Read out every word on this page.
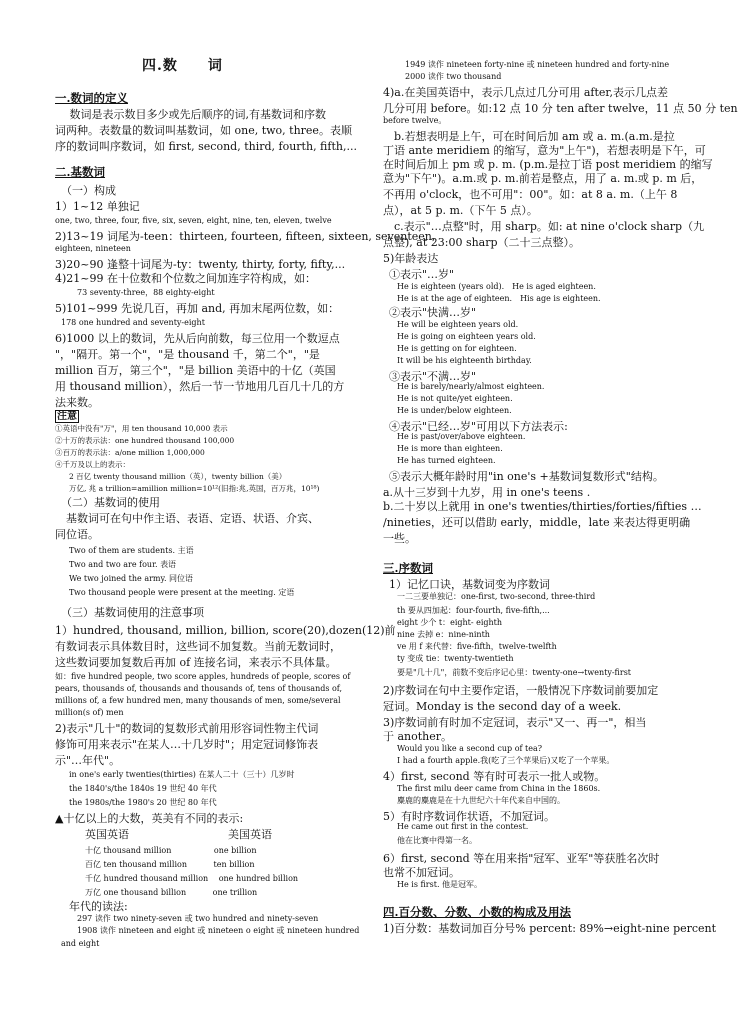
四.数　　词
一.数词的定义
　 数词是表示数目多少或先后顺序的词,有基数词和序数
词两种。表数量的数词叫基数词，如 one, two, three。表顺
序的数词叫序数词，如 first, second, third, fourth, fifth,...
二.基数词
（一）构成
1）1~12 单独记
one, two, three, four, five, six, seven, eight, nine, ten, eleven, twelve
2)13~19 词尾为-teen：thirteen, fourteen, fifteen, sixteen, seventeen,
eighteen, nineteen
3)20~90 逢整十词尾为-ty：twenty, thirty, forty, fifty,...
4)21~99 在十位数和个位数之间加连字符构成，如：
73 seventy-three，88 eighty-eight
5)101~999 先说几百，再加 and, 再加末尾两位数，如：
178 one hundred and seventy-eight
6)1000 以上的数词，先从后向前数，每三位用一个数逗点
"，"隔开。第一个"，"是 thousand 千，第二个"，"是
million 百万，第三个"，"是 billion 美语中的十亿（英国
用 thousand million），然后一节一节地用几百几十几的方
法来数。
注意
①英语中没有"万"，用 ten thousand 10,000 表示
②十万的表示法：one hundred thousand 100,000
③百万的表示法：a/one million 1,000,000
④千万及以上的表示：
2 百亿 twenty thousand million（英），twenty billion（美）
万亿, 兆 a trillion=amillion million=10¹²(旧指:兆,英国，百万兆，10¹⁸)
（二）基数词的使用
　基数词可在句中作主语、表语、定语、状语、介宾、
同位语。
Two of them are students. 主语
Two and two are four. 表语
We two joined the army. 同位语
Two thousand people were present at the meeting. 定语
（三）基数词使用的注意事项
1）hundred, thousand, million, billion, score(20),dozen(12)前
有数词表示具体数目时，这些词不加复数。当前无数词时，
这些数词要加复数后再加 of 连接名词，来表示不具体量。
如：five hundred people, two score apples, hundreds of people, scores of
pears, thousands of, thousands and thousands of, tens of thousands of,
millions of, a few hundred men, many thousands of men, some/several
million(s of) men
2)表示"几十"的数词的复数形式前用形容词性物主代词
修饰可用来表示"在某人…十几岁时"；用定冠词修饰表
示"…年代"。
in one's early twenties(thirties) 在某人二十（三十）几岁时
the 1840's/the 1840s 19 世纪 40 年代
the 1980s/the 1980's 20 世纪 80 年代
▲十亿以上的大数，英美有不同的表示:
英国英语　　　　　　　　　美国英语
十亿 thousand million　　　　　 one billion
百亿 ten thousand million　　　 ten billion
千亿 hundred thousand million　 one hundred billion
万亿 one thousand billion　　　 one trillion
年代的读法:
297 读作 two ninety-seven 或 two hundred and ninety-seven
1908 读作 nineteen and eight 或 nineteen o eight 或 nineteen hundred
and eight
1949 读作 nineteen forty-nine 或 nineteen hundred and forty-nine
2000 读作 two thousand
4)a.在美国英语中，表示几点过几分可用 after,表示几点差
几分可用 before。如:12 点 10 分 ten after twelve，11 点 50 分 ten
before twelve。
　b.若想表明是上午，可在时间后加 am 或 a. m.(a.m.是拉
丁语 ante meridiem 的缩写，意为"上午")，若想表明是下午，可
在时间后加上 pm 或 p. m. (p.m.是拉丁语 post meridiem 的缩写
意为"下午")。a.m.或 p. m.前若是整点，用了 a. m.或 p. m 后，
不再用 o'clock，也不可用"：00"。如：at 8 a. m.（上午 8
点），at 5 p. m.（下午 5 点）。
　c.表示"…点整"时，用 sharp。如: at nine o'clock sharp（九
点整), at 23:00 sharp（二十三点整）。
5)年龄表达
①表示"…岁"
He is eighteen (years old).　He is aged eighteen.
He is at the age of eighteen.　His age is eighteen.
②表示"快满…岁"
He will be eighteen years old.
He is going on eighteen years old.
He is getting on for eighteen.
It will be his eighteenth birthday.
③表示"不满…岁"
He is barely/nearly/almost eighteen.
He is not quite/yet eighteen.
He is under/below eighteen.
④表示"已经…岁"可用以下方法表示:
He is past/over/above eighteen.
He is more than eighteen.
He has turned eighteen.
⑤表示大概年龄时用"in one's +基数词复数形式"结构。
a.从十三岁到十九岁，用 in one's teens .
b.二十岁以上就用 in one's twenties/thirties/forties/fifties …
/nineties，还可以借助 early，middle，late 来表达得更明确
一些。
三.序数词
1）记忆口诀，基数词变为序数词
一二三要单独记：one-first, two-second, three-third
th 要从四加起：four-fourth, five-fifth,...
eight 少个 t：eight- eighth
nine 去掉 e：nine-ninth
ve 用 f 来代替：five-fifth，twelve-twelfth
ty 变成 tie：twenty-twentieth
要是"几十几"，前数不变后序记心里：twenty-one→twenty-first
2)序数词在句中主要作定语，一般情况下序数词前要加定
冠词。Monday is the second day of a week.
3)序数词前有时加不定冠词，表示"又一、再一"，相当
于 another。
Would you like a second cup of tea?
I had a fourth apple.我(吃了三个苹果后)又吃了一个苹果。
4）first, second 等有时可表示一批人或物。
The first milu deer came from China in the 1860s.
麋鹿的麋鹿是在十九世纪六十年代来自中国的。
5）有时序数词作状语，不加冠词。
He came out first in the contest.
他在比赛中得第一名。
6）first, second 等在用来指"冠军、亚军"等获胜名次时
也常不加冠词。
He is first. 他是冠军。
四.百分数、分数、小数的构成及用法
1)百分数：基数词加百分号% percent: 89%→eight-nine percent
